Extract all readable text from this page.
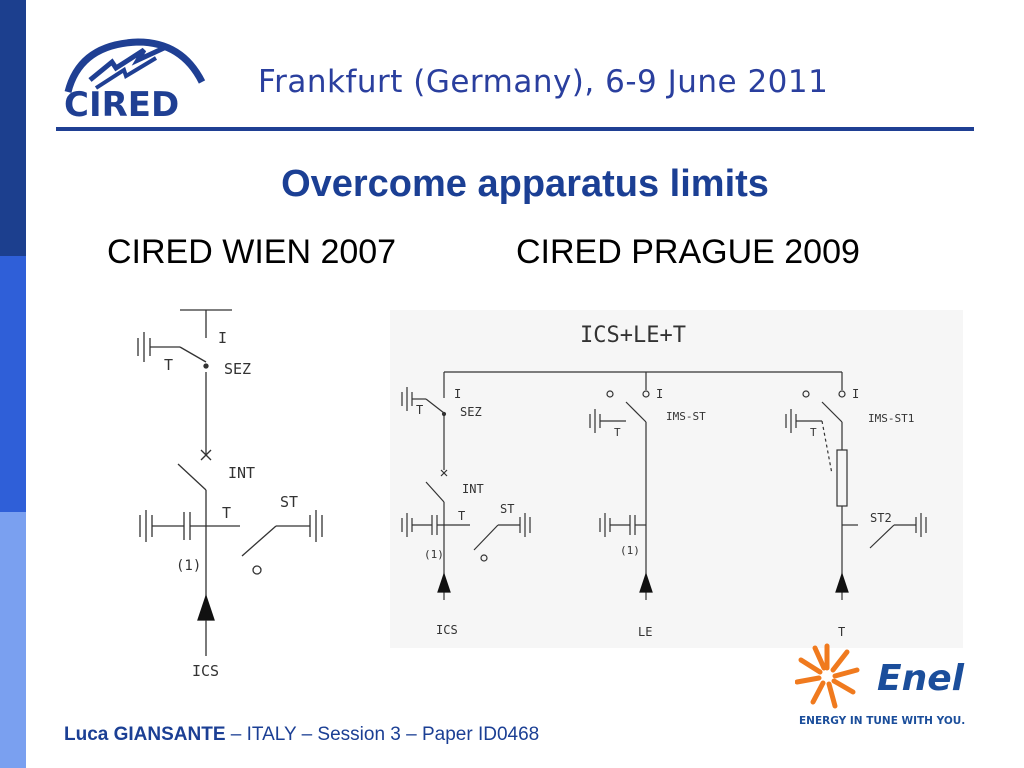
CIRED
Frankfurt (Germany), 6-9 June 2011
Overcome apparatus limits
CIRED WIEN 2007	CIRED PRAGUE 2009
I
T	SEZ
INT
T
ST
(1)
ICS
ICS+LE+T
I
T	SEZ
INT
T	ST
(1)
ICS
I
IMS-ST
T
(1)
LE
I
IMS-ST1
T
ST2
T
Enel
ENERGY IN TUNE WITH YOU.
Luca GIANSANTE – ITALY – Session 3 – Paper ID0468
